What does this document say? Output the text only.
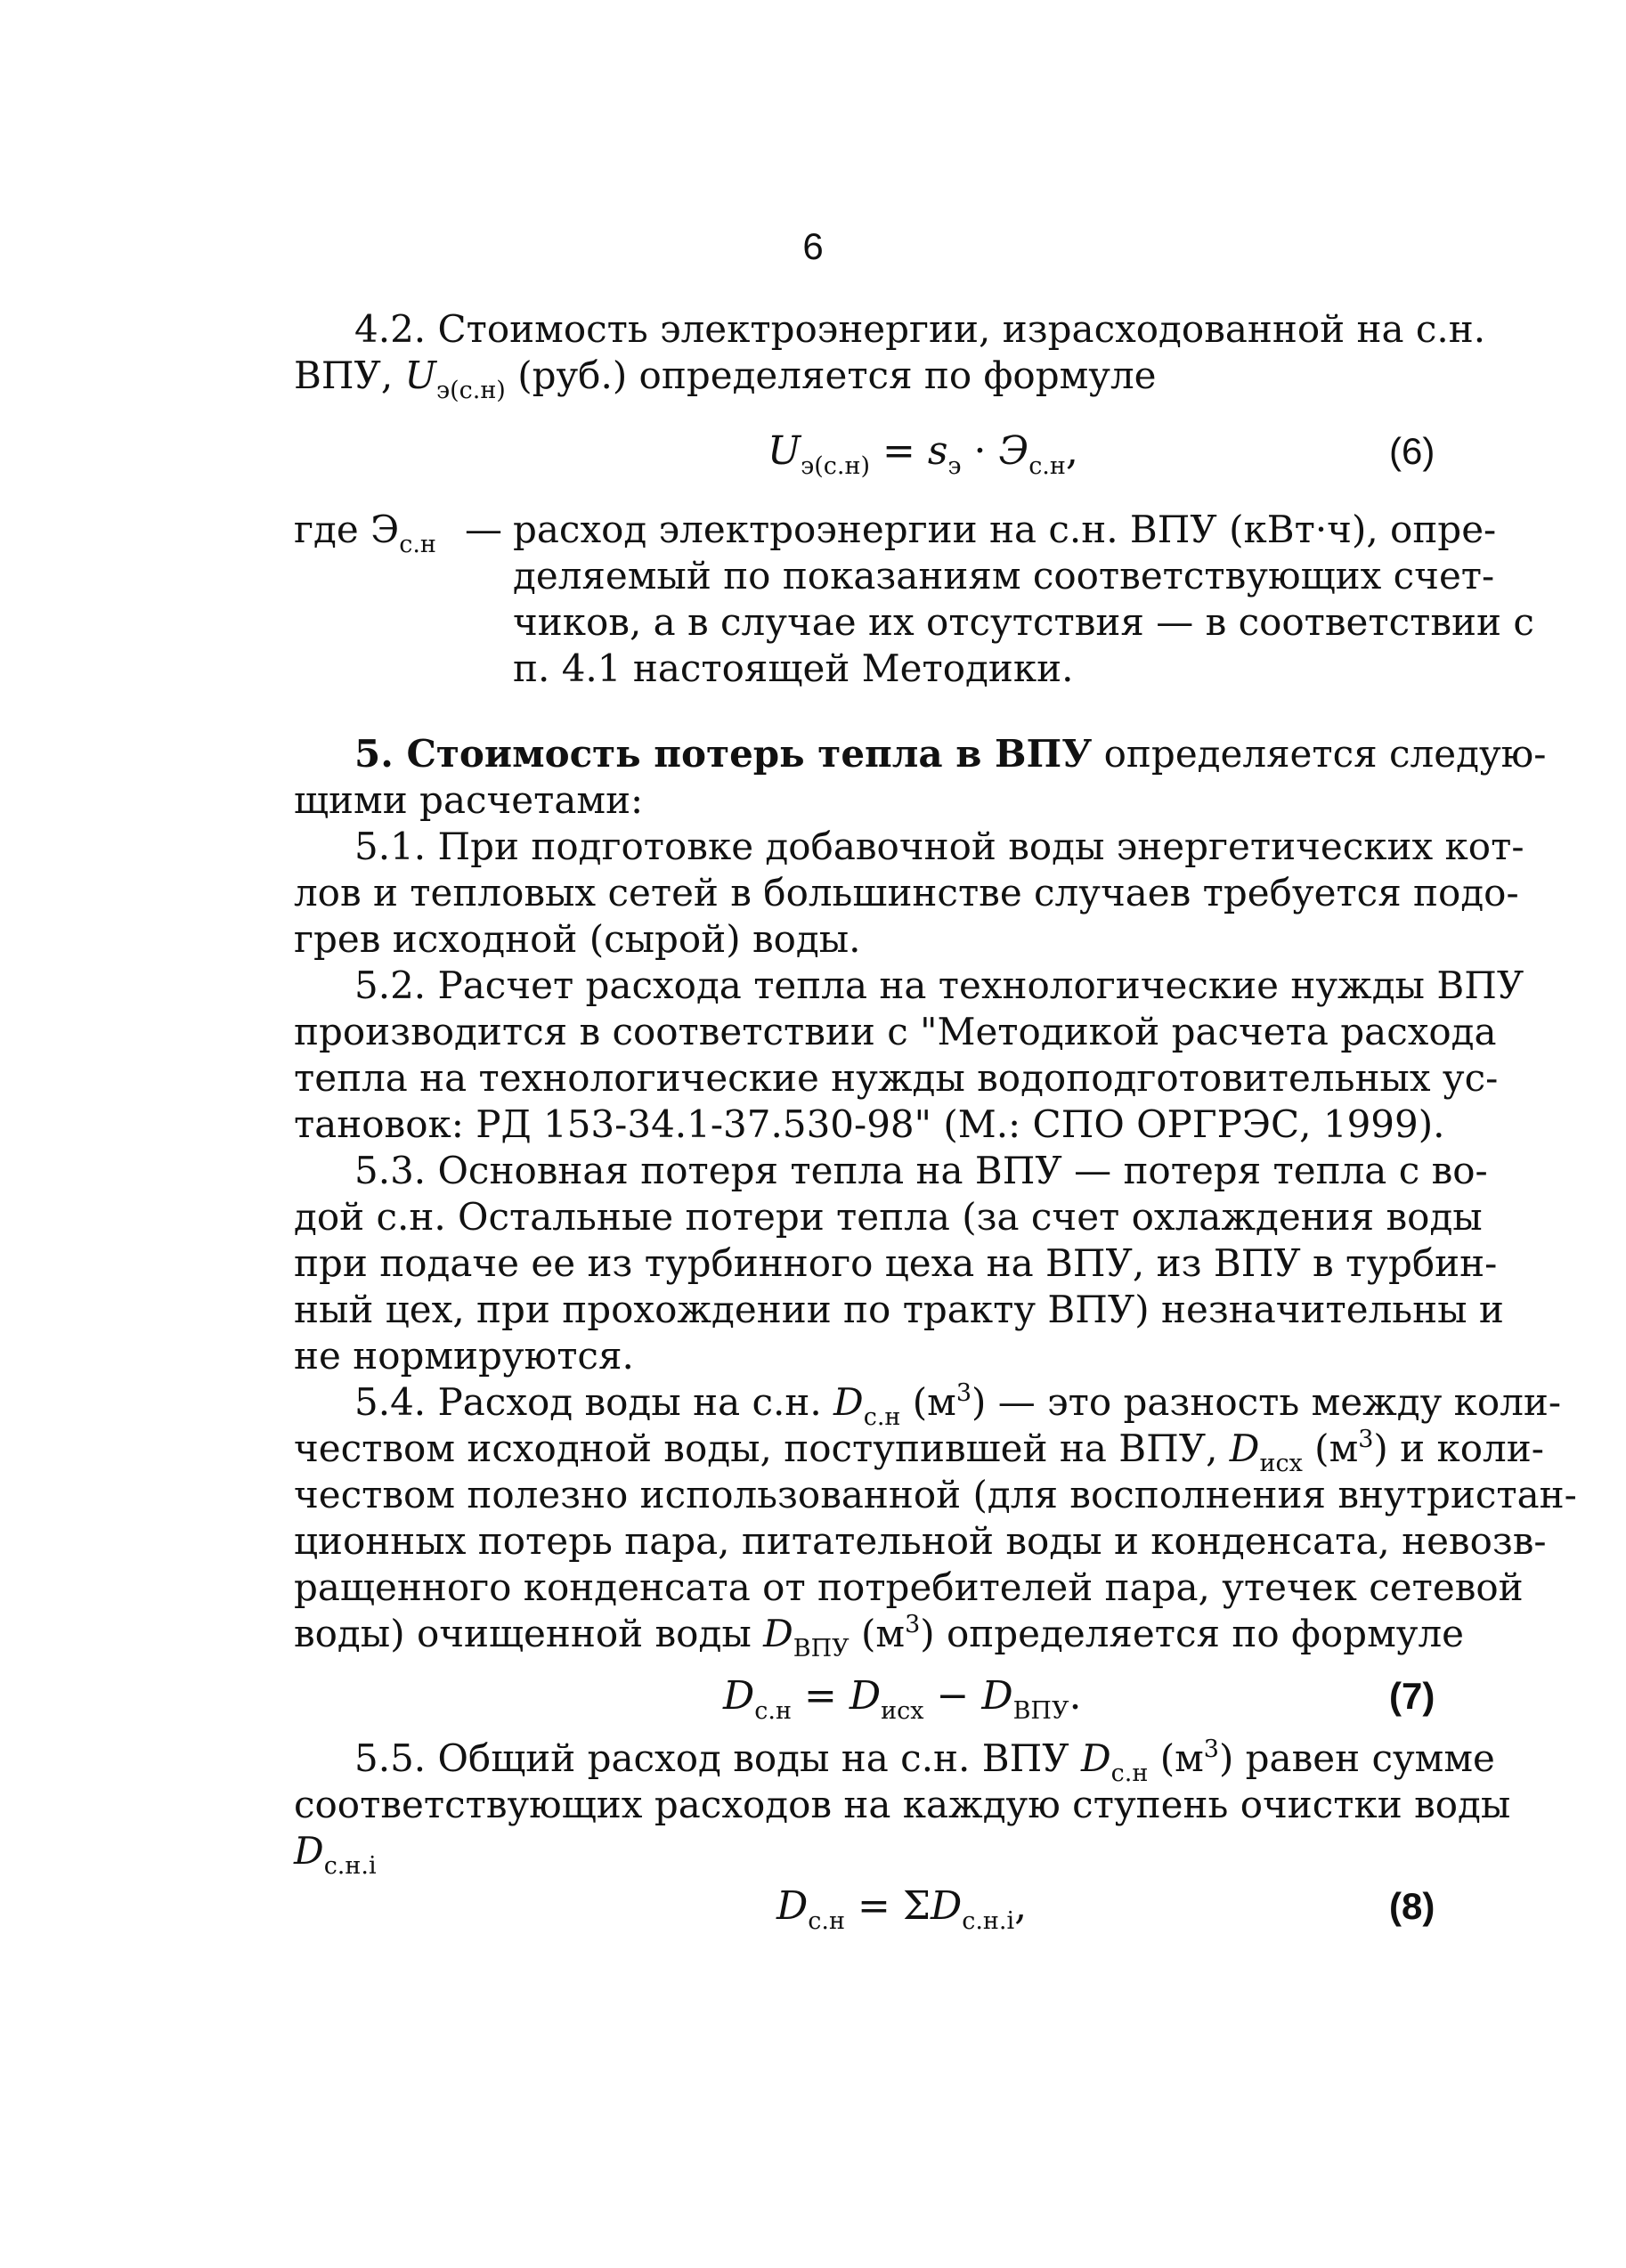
6
4.2. Стоимость электроэнергии, израсходованной на с.н.
ВПУ, $U_{э(с.н)}$ (руб.) определяется по формуле
$U_{э(с.н)} = s_э \cdot Э_{с.н}$,	(6)
где $Э_{с.н}$ — расход электроэнергии на с.н. ВПУ (кВт·ч), опре-
деляемый по показаниям соответствующих счет-
чиков, а в случае их отсутствия — в соответствии с
п. 4.1 настоящей Методики.
5. Стоимость потерь тепла в ВПУ определяется следую-
щими расчетами:
5.1. При подготовке добавочной воды энергетических кот-
лов и тепловых сетей в большинстве случаев требуется подо-
грев исходной (сырой) воды.
5.2. Расчет расхода тепла на технологические нужды ВПУ
производится в соответствии с "Методикой расчета расхода
тепла на технологические нужды водоподготовительных ус-
тановок: РД 153-34.1-37.530-98" (М.: СПО ОРГРЭС, 1999).
5.3. Основная потеря тепла на ВПУ — потеря тепла с во-
дой с.н. Остальные потери тепла (за счет охлаждения воды
при подаче ее из турбинного цеха на ВПУ, из ВПУ в турбин-
ный цех, при прохождении по тракту ВПУ) незначительны и
не нормируются.
5.4. Расход воды на с.н. $D_{с.н}$ $(м^3)$ — это разность между коли-
чеством исходной воды, поступившей на ВПУ, $D_{исх}$ $(м^3)$ и коли-
чеством полезно использованной (для восполнения внутристан-
ционных потерь пара, питательной воды и конденсата, невозв-
ращенного конденсата от потребителей пара, утечек сетевой
воды) очищенной воды $D_{ВПУ}$ $(м^3)$ определяется по формуле
$D_{с.н} = D_{исх} - D_{ВПУ}$.	(7)
5.5. Общий расход воды на с.н. ВПУ $D_{с.н}$ $(м^3)$ равен сумме
соответствующих расходов на каждую ступень очистки воды
$D_{с.н.i}$
$D_{с.н} = \Sigma D_{с.н.i}$,	(8)
